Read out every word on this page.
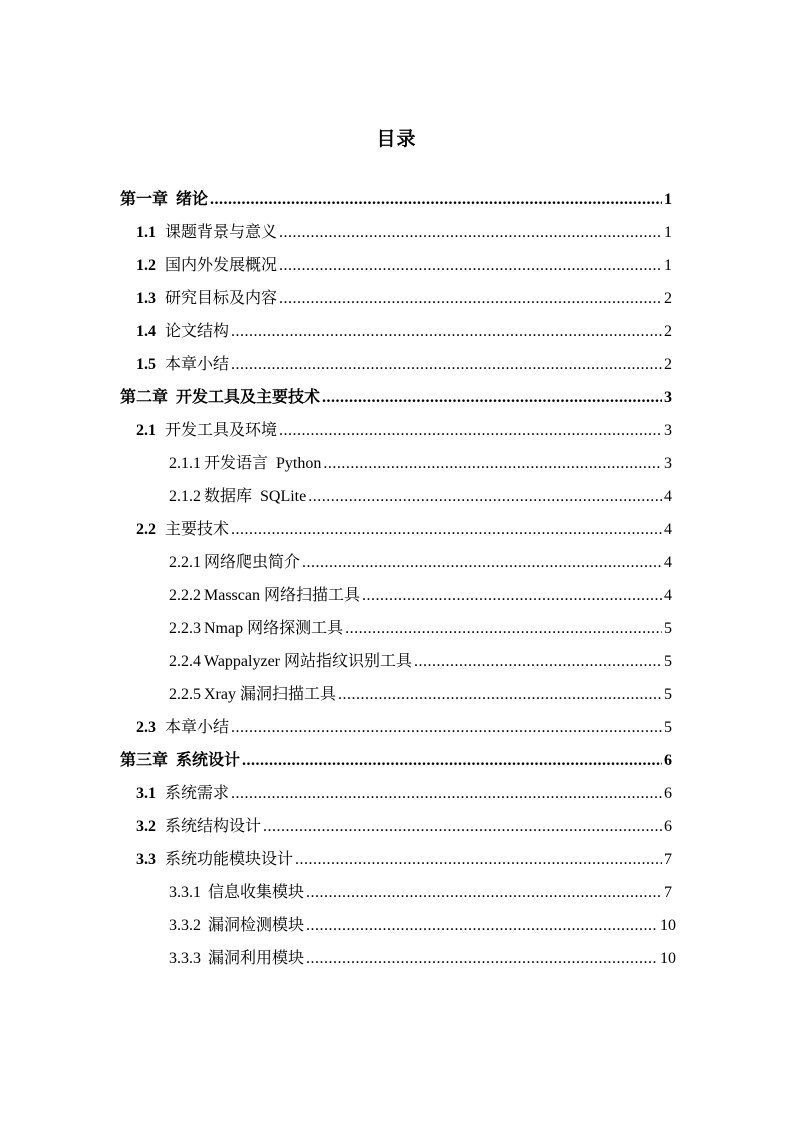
目录
第一章 绪论 .....	1
1.1 课题背景与意义 .....	1
1.2 国内外发展概况 .....	1
1.3 研究目标及内容 .....	2
1.4 论文结构 .....	2
1.5 本章小结 .....	2
第二章 开发工具及主要技术 .....	3
2.1 开发工具及环境 .....	3
2.1.1 开发语言  Python .....	3
2.1.2 数据库  SQLite .....	4
2.2 主要技术 .....	4
2.2.1 网络爬虫简介 .....	4
2.2.2 Masscan 网络扫描工具 .....	4
2.2.3 Nmap 网络探测工具 .....	5
2.2.4 Wappalyzer 网站指纹识别工具 .....	5
2.2.5 Xray 漏洞扫描工具 .....	5
2.3 本章小结 .....	5
第三章 系统设计 .....	6
3.1 系统需求 .....	6
3.2 系统结构设计 .....	6
3.3 系统功能模块设计 .....	7
3.3.1 信息收集模块 .....	7
3.3.2 漏洞检测模块 .....	10
3.3.3 漏洞利用模块 .....	10
